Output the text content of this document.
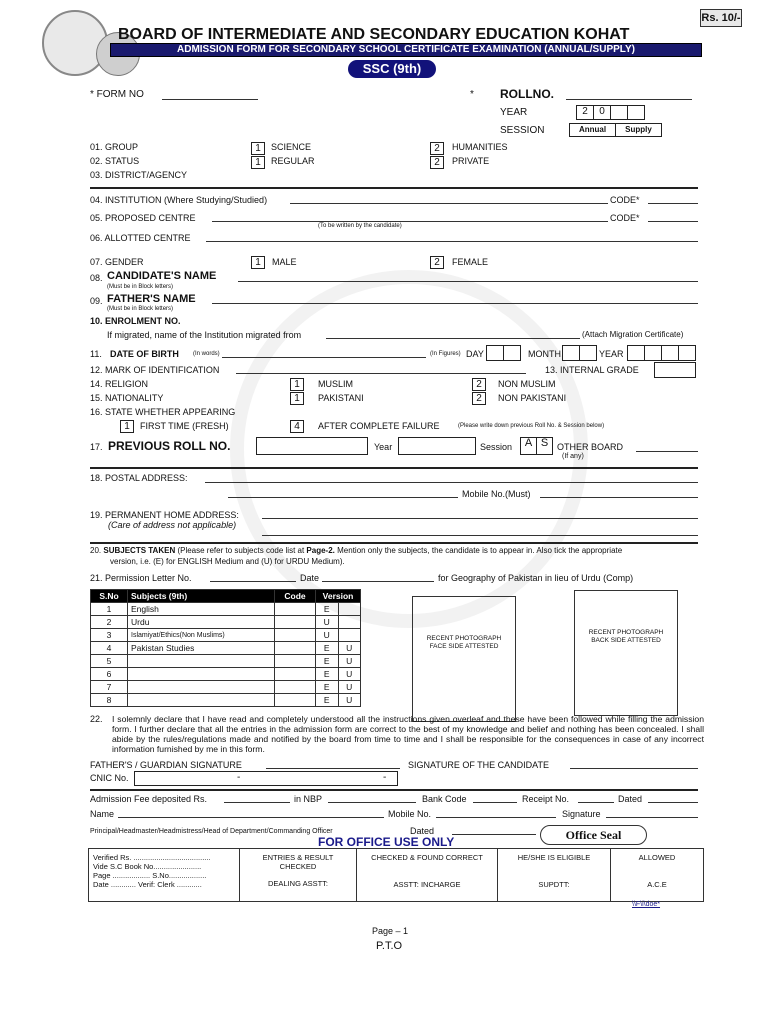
Rs. 10/-
BOARD OF INTERMEDIATE AND SECONDARY EDUCATION KOHAT
ADMISSION FORM FOR SECONDARY SCHOOL CERTIFICATE EXAMINATION (ANNUAL/SUPPLY)
SSC (9th)
* FORM NO	* ROLLNO.
YEAR	2	0
SESSION	Annual	Supply
01. GROUP	1	SCIENCE	2	HUMANITIES
02. STATUS	1	REGULAR	2	PRIVATE
03. DISTRICT/AGENCY
04. INSTITUTION (Where Studying/Studied)	CODE*
05. PROPOSED CENTRE	CODE*
(To be written by the candidate)
06. ALLOTTED CENTRE
07. GENDER	1	MALE	2	FEMALE
08. CANDIDATE'S NAME
(Must be in Block letters)
09. FATHER'S NAME
(Must be in Block letters)
10. ENROLMENT NO.
If migrated, name of the Institution migrated from	(Attach Migration Certificate)
11. DATE OF BIRTH (In words)	(In Figures) DAY	MONTH	YEAR
12. MARK OF IDENTIFICATION	13. INTERNAL GRADE
14. RELIGION	1	MUSLIM	2	NON MUSLIM
15. NATIONALITY	1	PAKISTANI	2	NON PAKISTANI
16. STATE WHETHER APPEARING
1	FIRST TIME (FRESH)	4	AFTER COMPLETE FAILURE	(Please write down previous Roll No. & Session below)
17. PREVIOUS ROLL NO.	Year	Session	A S OTHER BOARD
(If any)
18. POSTAL ADDRESS:
Mobile No.(Must)
19. PERMANENT HOME ADDRESS:
(Care of address not applicable)
20. SUBJECTS TAKEN (Please refer to subjects code list at Page-2. Mention only the subjects, the candidate is to appear in. Also tick the appropriate
version, i.e. (E) for ENGLISH Medium and (U) for URDU Medium).
21. Permission Letter No.	Date	for Geography of Pakistan in lieu of Urdu (Comp)
S.No	Subjects (9th)	Code	Version	
1	English		E	
2	Urdu		U	
3	Islamiyat/Ethics(Non Muslims)		U	
4	Pakistan Studies		E	U
5			E	U
6			E	U
7			E	U
8			E	U
RECENT PHOTOGRAPH FACE SIDE ATTESTED
RECENT PHOTOGRAPH BACK SIDE ATTESTED
22. I solemnly declare that I have read and completely understood all the instructions given overleaf and these have been followed while filling the admission form. I further declare that all the entries in the admission form are correct to the best of my knowledge and belief and nothing has been concealed. I shall abide by the rules/regulations made and notified by the board from time to time and I shall be responsible for the consequences in case of any incorrect information furnished by me in this form.
FATHER'S / GUARDIAN SIGNATURE	SIGNATURE OF THE CANDIDATE
CNIC No.	-	-
Admission Fee deposited Rs.	in NBP	Bank Code	Receipt No.	Dated
Name	Mobile No.	Signature
Principal/Headmaster/Headmistress/Head of Department/Commanding Officer	Dated	Office Seal
FOR OFFICE USE ONLY
Verified Rs. .....................................
Vide S.C Book No.......................
Page .................. S.No..................
Date ............ Verif: Clerk ............

ENTRIES & RESULT CHECKED
DEALING ASSTT:

CHECKED & FOUND CORRECT
ASSTT: INCHARGE

HE/SHE IS ELIGIBLE
SUPDTT:

ALLOWED
A.C.E
\\F\i\doe*
Page – 1
P.T.O
